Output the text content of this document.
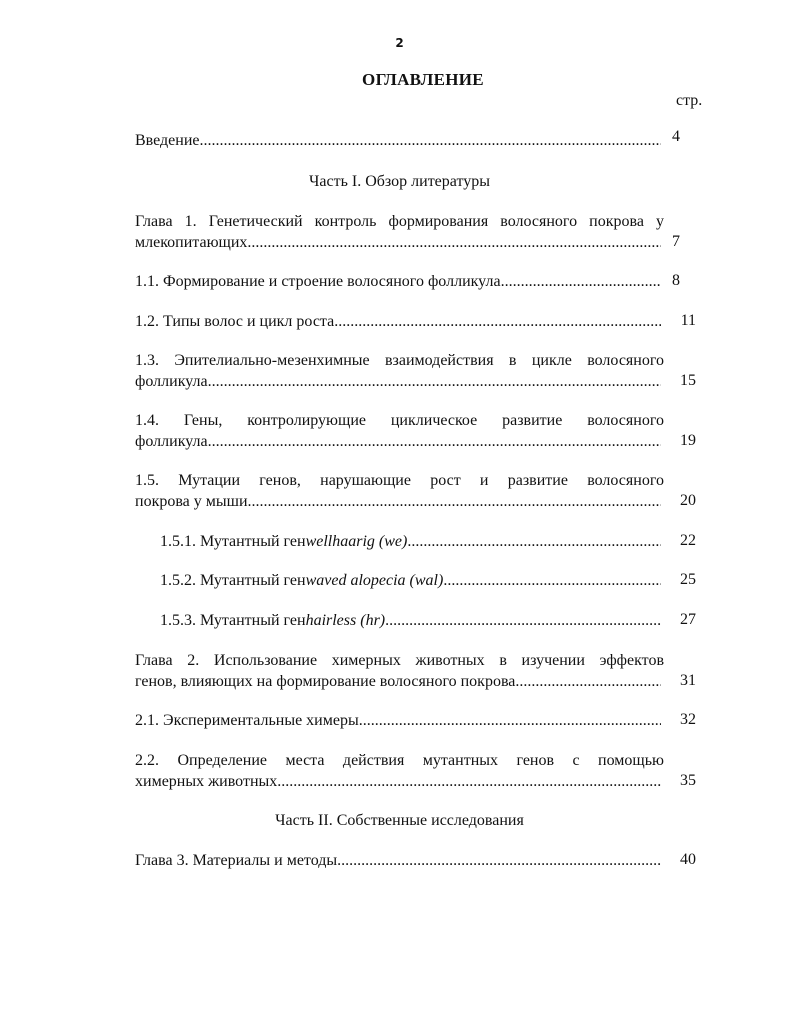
2
ОГЛАВЛЕНИЕ
стр.
Введение .....	4
Часть I. Обзор литературы
Глава 1. Генетический контроль формирования волосяного покрова у
млекопитающих .....	7
1.1. Формирование и строение волосяного фолликула .....	8
1.2. Типы волос и цикл роста .....	11
1.3. Эпителиально-мезенхимные взаимодействия в цикле волосяного
фолликула .....	15
1.4. Гены, контролирующие циклическое развитие волосяного
фолликула .....	19
1.5. Мутации генов, нарушающие рост и развитие волосяного
покрова у мыши .....	20
1.5.1. Мутантный ген wellhaarig (we) .....	22
1.5.2. Мутантный ген waved alopecia (wal) .....	25
1.5.3. Мутантный ген hairless (hr) .....	27
Глава 2. Использование химерных животных в изучении эффектов
генов, влияющих на формирование волосяного покрова .....	31
2.1. Экспериментальные химеры .....	32
2.2. Определение места действия мутантных генов с помощью
химерных животных .....	35
Часть II. Собственные исследования
Глава 3. Материалы и методы .....	40
